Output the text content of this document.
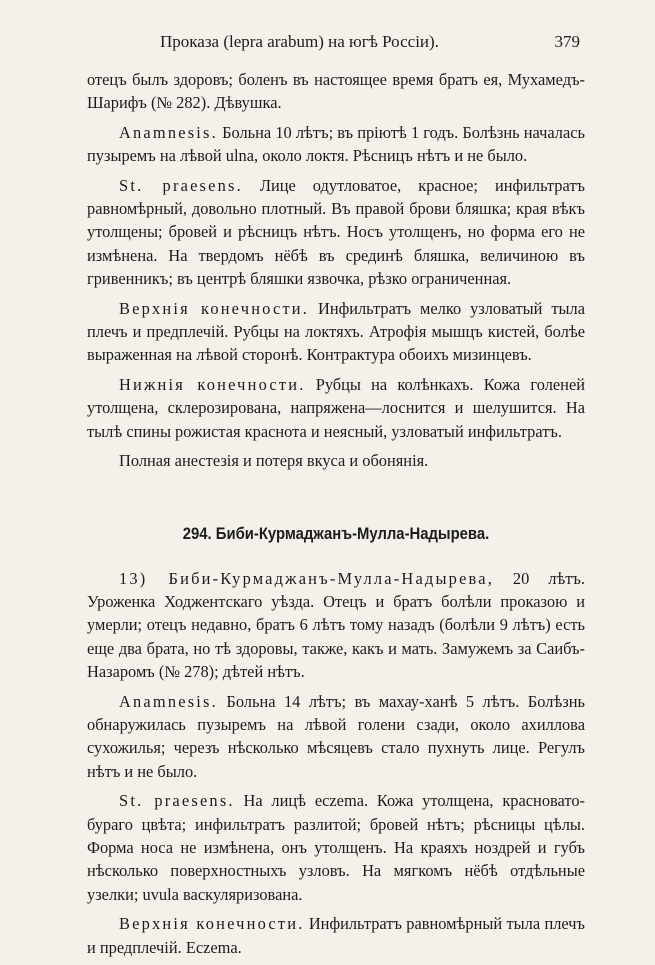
Проказа (lepra arabum) на югѣ Россіи).	379

отецъ былъ здоровъ; боленъ въ настоящее время братъ ея, Мухамедъ-Шарифъ (№ 282). Дѣвушка.

Anamnesis. Больна 10 лѣтъ; въ пріютѣ 1 годъ. Болѣзнь началась пузыремъ на лѣвой ulna, около локтя. Рѣсницъ нѣтъ и не было.

St. praesens. Лице одутловатое, красное; инфильтратъ равномѣрный, довольно плотный. Въ правой брови бляшка; края вѣкъ утолщены; бровей и рѣсницъ нѣтъ. Носъ утолщенъ, но форма его не измѣнена. На твердомъ нёбѣ въ срединѣ бляшка, величиною въ гривенникъ; въ центрѣ бляшки язвочка, рѣзко ограниченная.

Верхнія конечности. Инфильтратъ мелко узловатый тыла плечъ и предплечій. Рубцы на локтяхъ. Атрофія мышцъ кистей, болѣе выраженная на лѣвой сторонѣ. Контрактура обоихъ мизинцевъ.

Нижнія конечности. Рубцы на колѣнкахъ. Кожа голеней утолщена, склерозирована, напряжена—лоснится и шелушится. На тылѣ спины рожистая краснота и неясный, узловатый инфильтратъ.

Полная анестезія и потеря вкуса и обонянія.

294. Биби-Курмаджанъ-Мулла-Надырева.

13) Биби-Курмаджанъ-Мулла-Надырева, 20 лѣтъ. Уроженка Ходжентскаго уѣзда. Отецъ и братъ болѣли проказою и умерли; отецъ недавно, братъ 6 лѣтъ тому назадъ (болѣли 9 лѣтъ) есть еще два брата, но тѣ здоровы, также, какъ и мать. Замужемъ за Саибъ-Назаромъ (№ 278); дѣтей нѣтъ.

Anamnesis. Больна 14 лѣтъ; въ махау-ханѣ 5 лѣтъ. Болѣзнь обнаружилась пузыремъ на лѣвой голени сзади, около ахиллова сухожилья; черезъ нѣсколько мѣсяцевъ стало пухнуть лице. Регулъ нѣтъ и не было.

St. praesens. На лицѣ eczema. Кожа утолщена, красновато-бураго цвѣта; инфильтратъ разлитой; бровей нѣтъ; рѣсницы цѣлы. Форма носа не измѣнена, онъ утолщенъ. На краяхъ ноздрей и губъ нѣсколько поверхностныхъ узловъ. На мягкомъ нёбѣ отдѣльные узелки; uvula васкуляризована.

Верхнія конечности. Инфильтратъ равномѣрный тыла плечъ и предплечій. Eczema.
